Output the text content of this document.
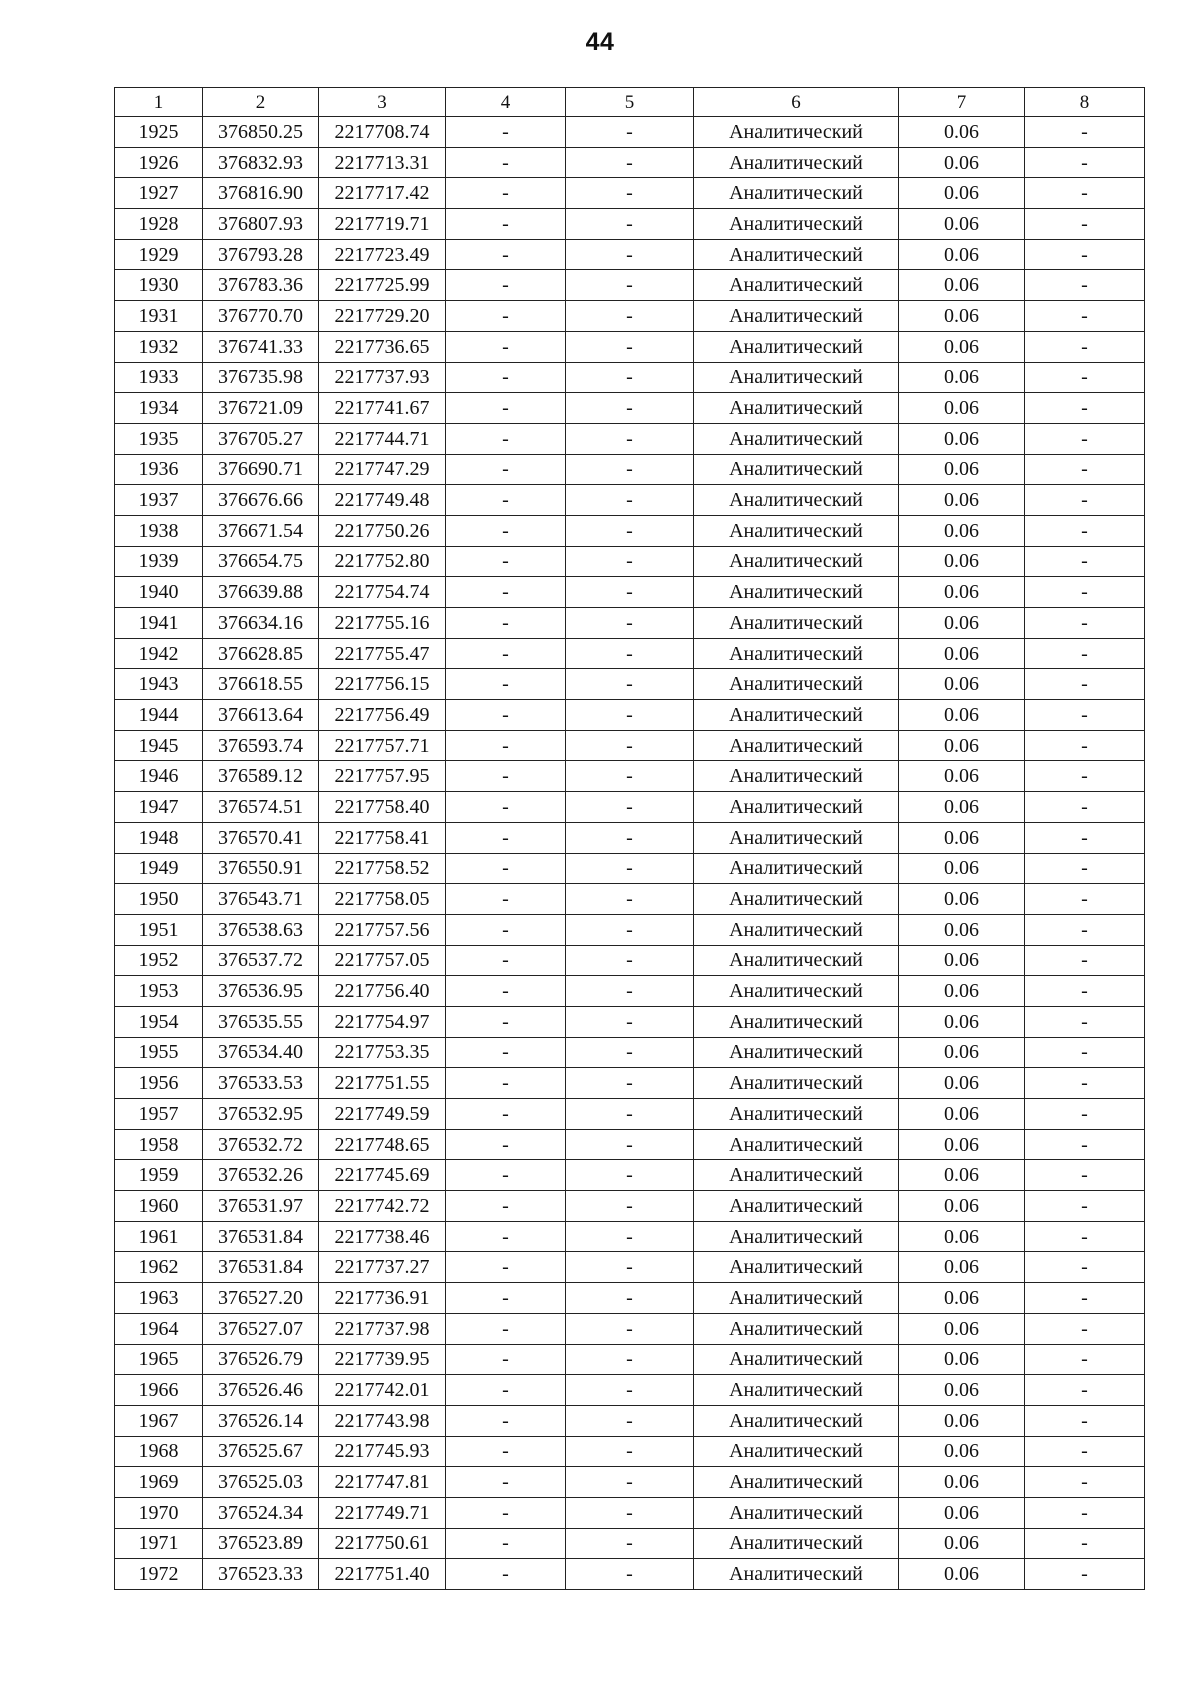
44
1	2	3	4	5	6	7	8
1925	376850.25	2217708.74	-	-	Аналитический	0.06	-
1926	376832.93	2217713.31	-	-	Аналитический	0.06	-
1927	376816.90	2217717.42	-	-	Аналитический	0.06	-
1928	376807.93	2217719.71	-	-	Аналитический	0.06	-
1929	376793.28	2217723.49	-	-	Аналитический	0.06	-
1930	376783.36	2217725.99	-	-	Аналитический	0.06	-
1931	376770.70	2217729.20	-	-	Аналитический	0.06	-
1932	376741.33	2217736.65	-	-	Аналитический	0.06	-
1933	376735.98	2217737.93	-	-	Аналитический	0.06	-
1934	376721.09	2217741.67	-	-	Аналитический	0.06	-
1935	376705.27	2217744.71	-	-	Аналитический	0.06	-
1936	376690.71	2217747.29	-	-	Аналитический	0.06	-
1937	376676.66	2217749.48	-	-	Аналитический	0.06	-
1938	376671.54	2217750.26	-	-	Аналитический	0.06	-
1939	376654.75	2217752.80	-	-	Аналитический	0.06	-
1940	376639.88	2217754.74	-	-	Аналитический	0.06	-
1941	376634.16	2217755.16	-	-	Аналитический	0.06	-
1942	376628.85	2217755.47	-	-	Аналитический	0.06	-
1943	376618.55	2217756.15	-	-	Аналитический	0.06	-
1944	376613.64	2217756.49	-	-	Аналитический	0.06	-
1945	376593.74	2217757.71	-	-	Аналитический	0.06	-
1946	376589.12	2217757.95	-	-	Аналитический	0.06	-
1947	376574.51	2217758.40	-	-	Аналитический	0.06	-
1948	376570.41	2217758.41	-	-	Аналитический	0.06	-
1949	376550.91	2217758.52	-	-	Аналитический	0.06	-
1950	376543.71	2217758.05	-	-	Аналитический	0.06	-
1951	376538.63	2217757.56	-	-	Аналитический	0.06	-
1952	376537.72	2217757.05	-	-	Аналитический	0.06	-
1953	376536.95	2217756.40	-	-	Аналитический	0.06	-
1954	376535.55	2217754.97	-	-	Аналитический	0.06	-
1955	376534.40	2217753.35	-	-	Аналитический	0.06	-
1956	376533.53	2217751.55	-	-	Аналитический	0.06	-
1957	376532.95	2217749.59	-	-	Аналитический	0.06	-
1958	376532.72	2217748.65	-	-	Аналитический	0.06	-
1959	376532.26	2217745.69	-	-	Аналитический	0.06	-
1960	376531.97	2217742.72	-	-	Аналитический	0.06	-
1961	376531.84	2217738.46	-	-	Аналитический	0.06	-
1962	376531.84	2217737.27	-	-	Аналитический	0.06	-
1963	376527.20	2217736.91	-	-	Аналитический	0.06	-
1964	376527.07	2217737.98	-	-	Аналитический	0.06	-
1965	376526.79	2217739.95	-	-	Аналитический	0.06	-
1966	376526.46	2217742.01	-	-	Аналитический	0.06	-
1967	376526.14	2217743.98	-	-	Аналитический	0.06	-
1968	376525.67	2217745.93	-	-	Аналитический	0.06	-
1969	376525.03	2217747.81	-	-	Аналитический	0.06	-
1970	376524.34	2217749.71	-	-	Аналитический	0.06	-
1971	376523.89	2217750.61	-	-	Аналитический	0.06	-
1972	376523.33	2217751.40	-	-	Аналитический	0.06	-
